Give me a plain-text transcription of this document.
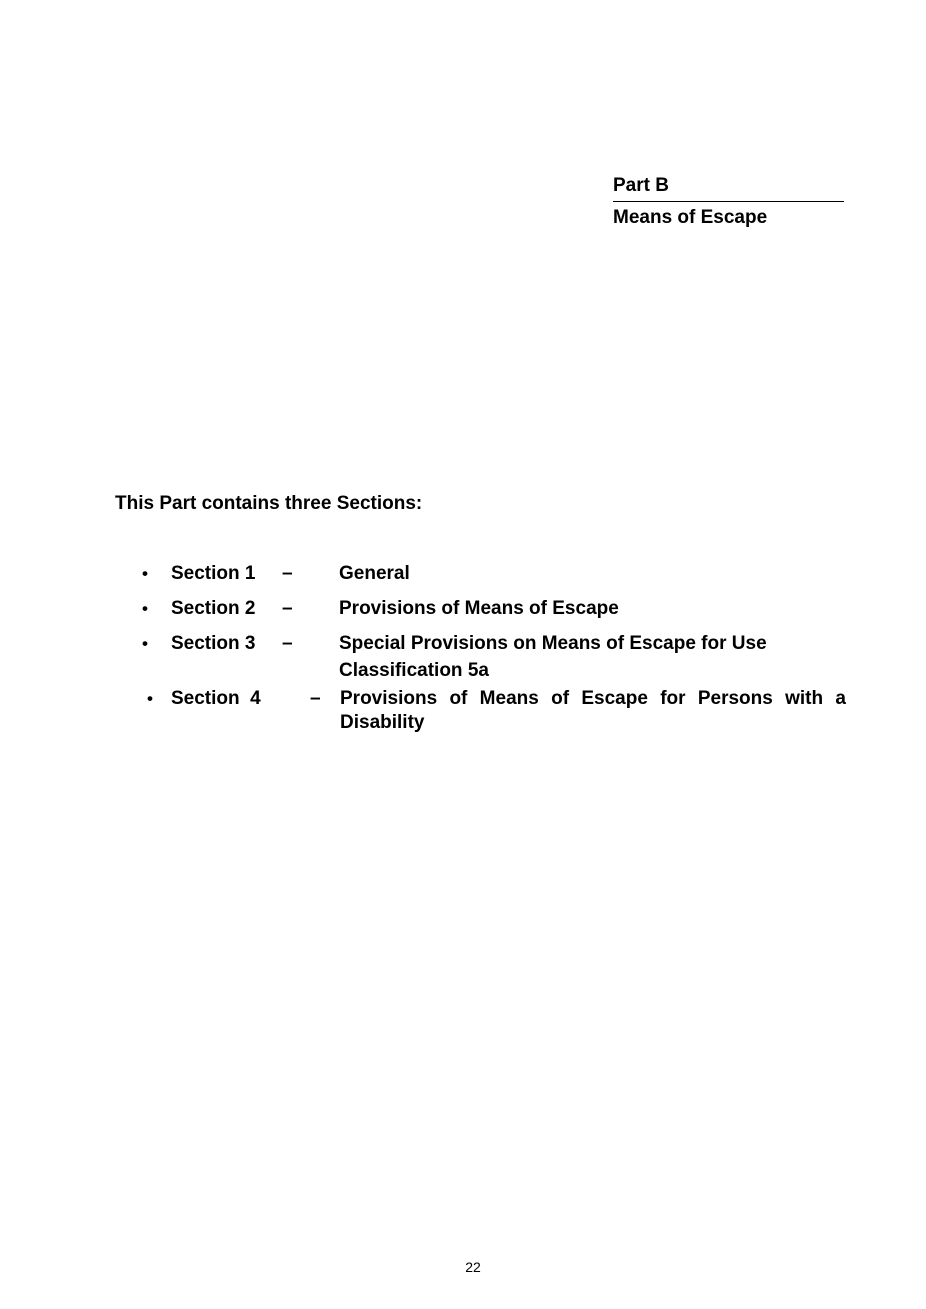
Part B
Means of Escape
This Part contains three Sections:
• Section 1 – General
• Section 2 – Provisions of Means of Escape
• Section 3 – Special Provisions on Means of Escape for Use
Classification 5a
• Section  4	– Provisions of Means of Escape for Persons with a
Disability
22
